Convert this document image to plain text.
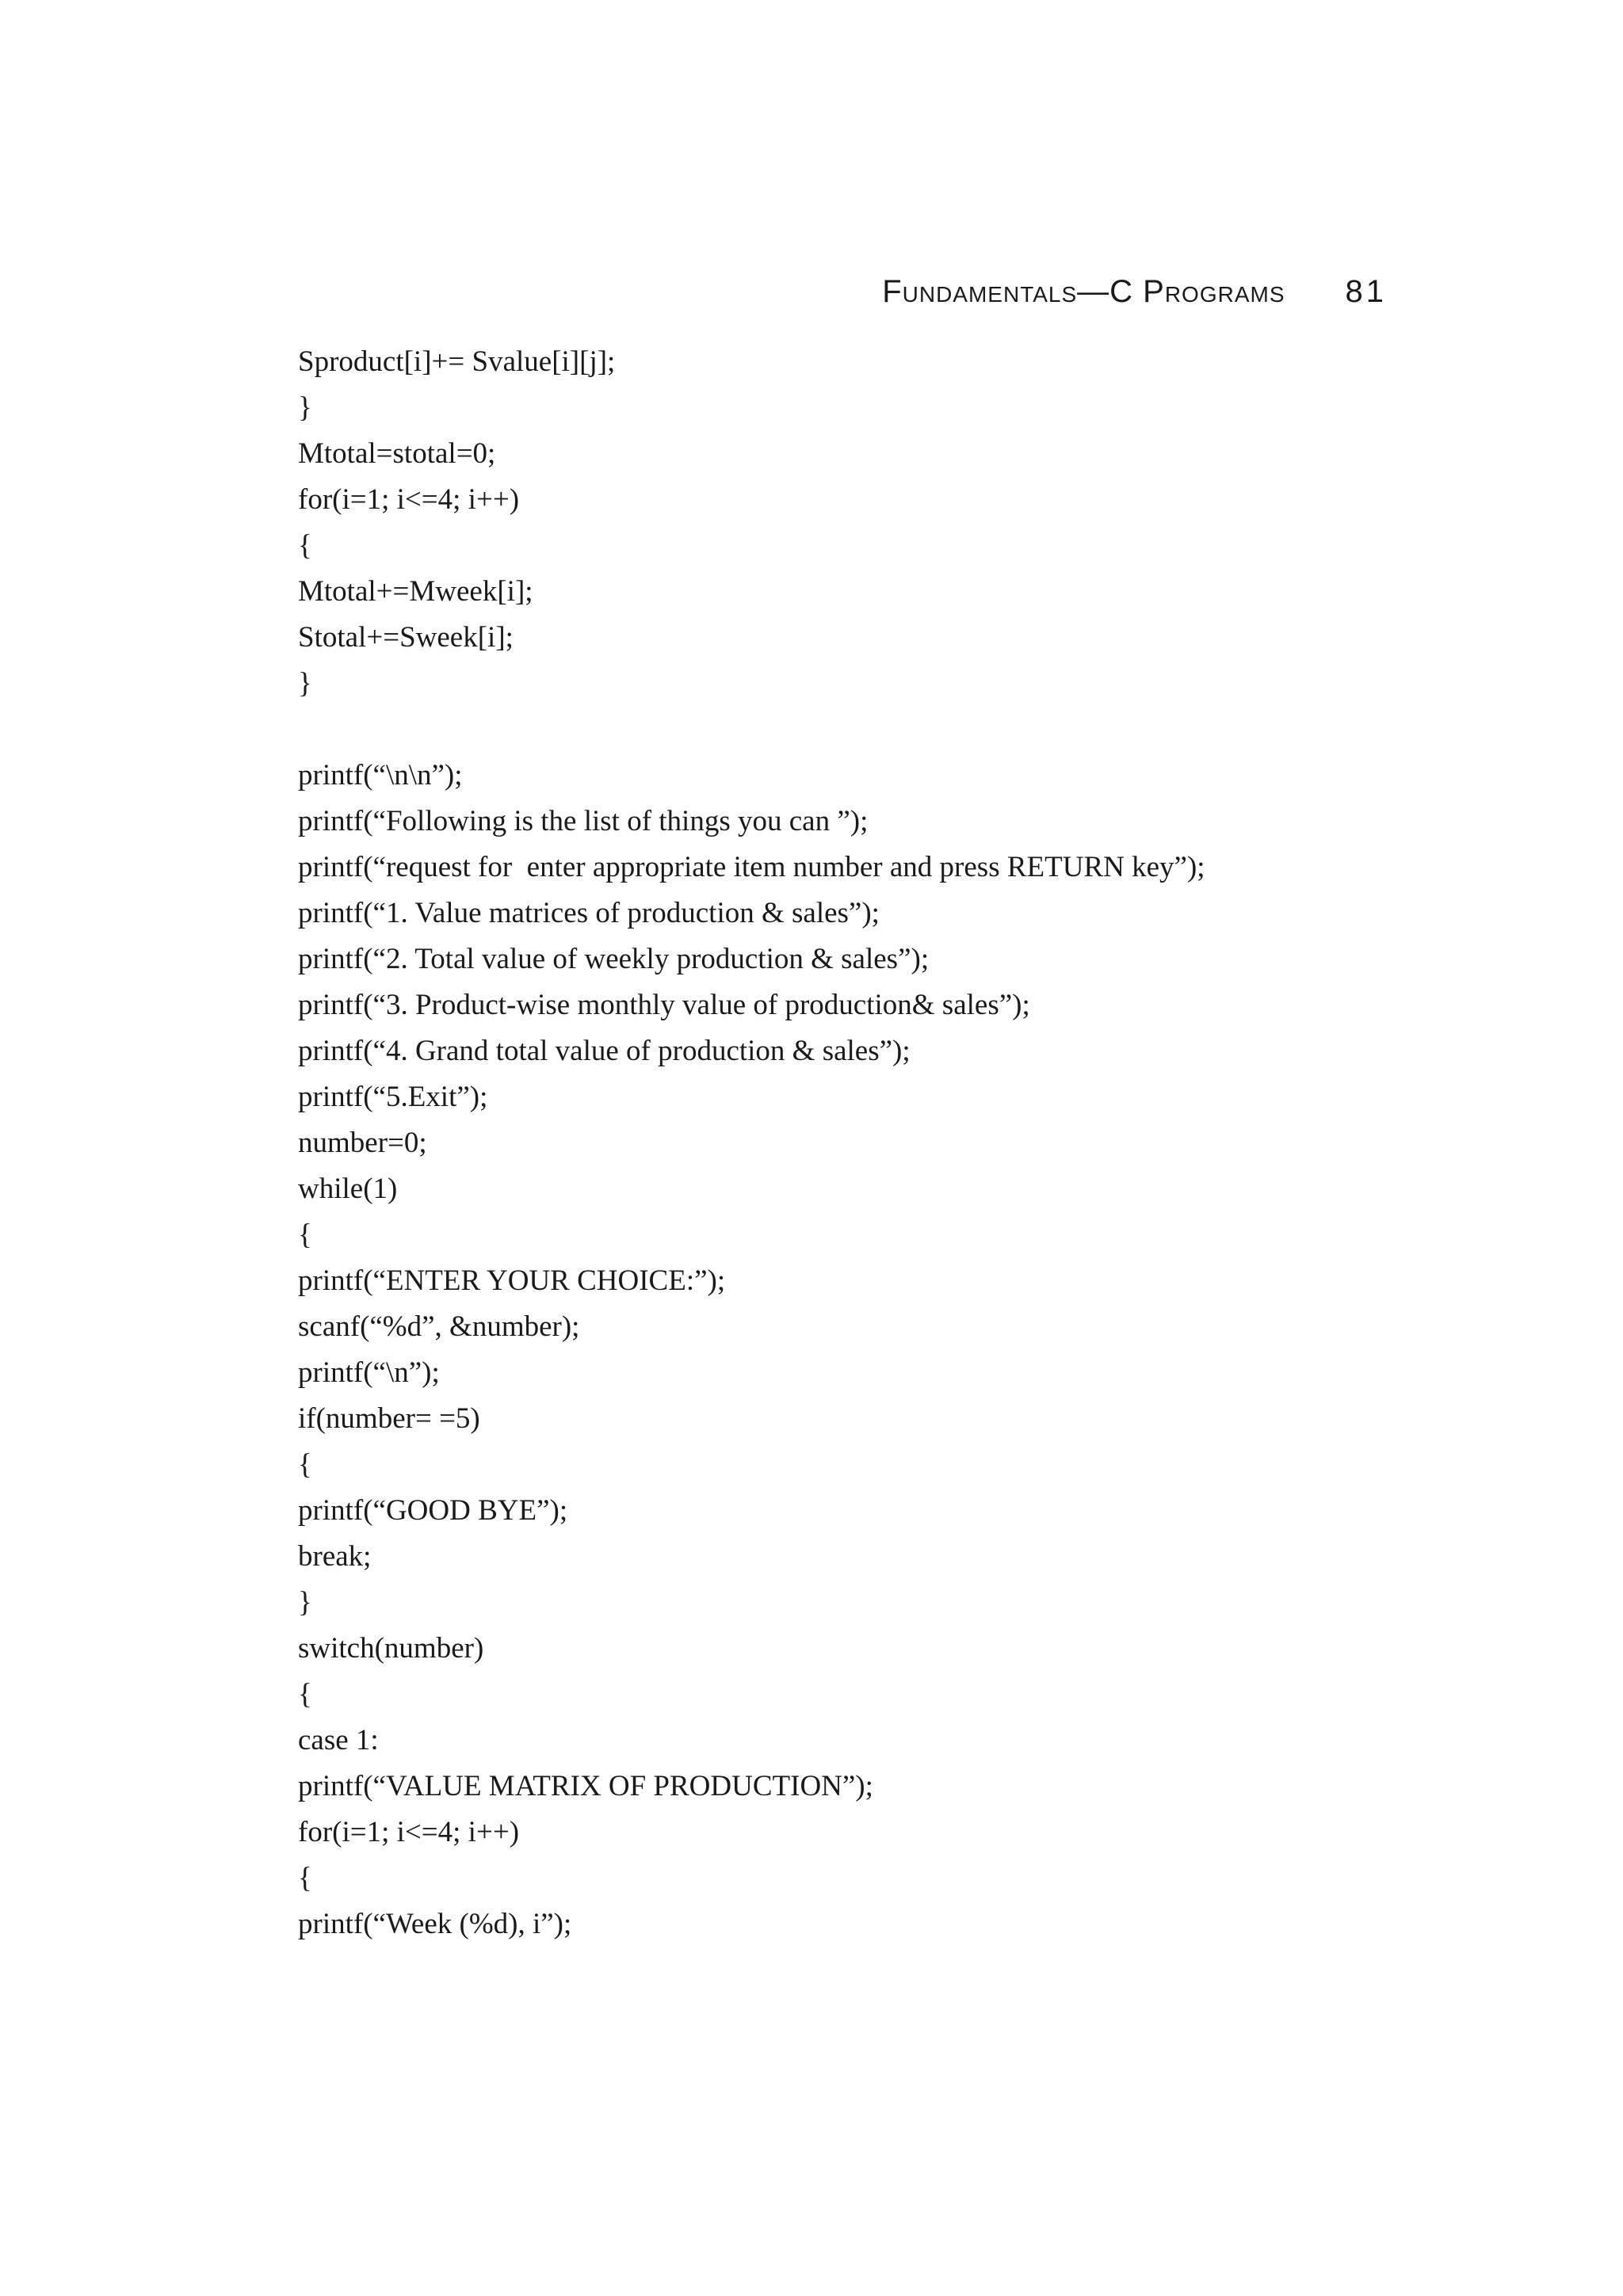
Fundamentals—C Programs 81
Sproduct[i]+= Svalue[i][j];
}
Mtotal=stotal=0;
for(i=1; i<=4; i++)
{
Mtotal+=Mweek[i];
Stotal+=Sweek[i];
}
printf(“\n\n”);
printf(“Following is the list of things you can ”);
printf(“request for  enter appropriate item number and press RETURN key”);
printf(“1. Value matrices of production & sales”);
printf(“2. Total value of weekly production & sales”);
printf(“3. Product-wise monthly value of production& sales”);
printf(“4. Grand total value of production & sales”);
printf(“5.Exit”);
number=0;
while(1)
{
printf(“ENTER YOUR CHOICE:”);
scanf(“%d”, &number);
printf(“\n”);
if(number= =5)
{
printf(“GOOD BYE”);
break;
}
switch(number)
{
case 1:
printf(“VALUE MATRIX OF PRODUCTION”);
for(i=1; i<=4; i++)
{
printf(“Week (%d), i”);
